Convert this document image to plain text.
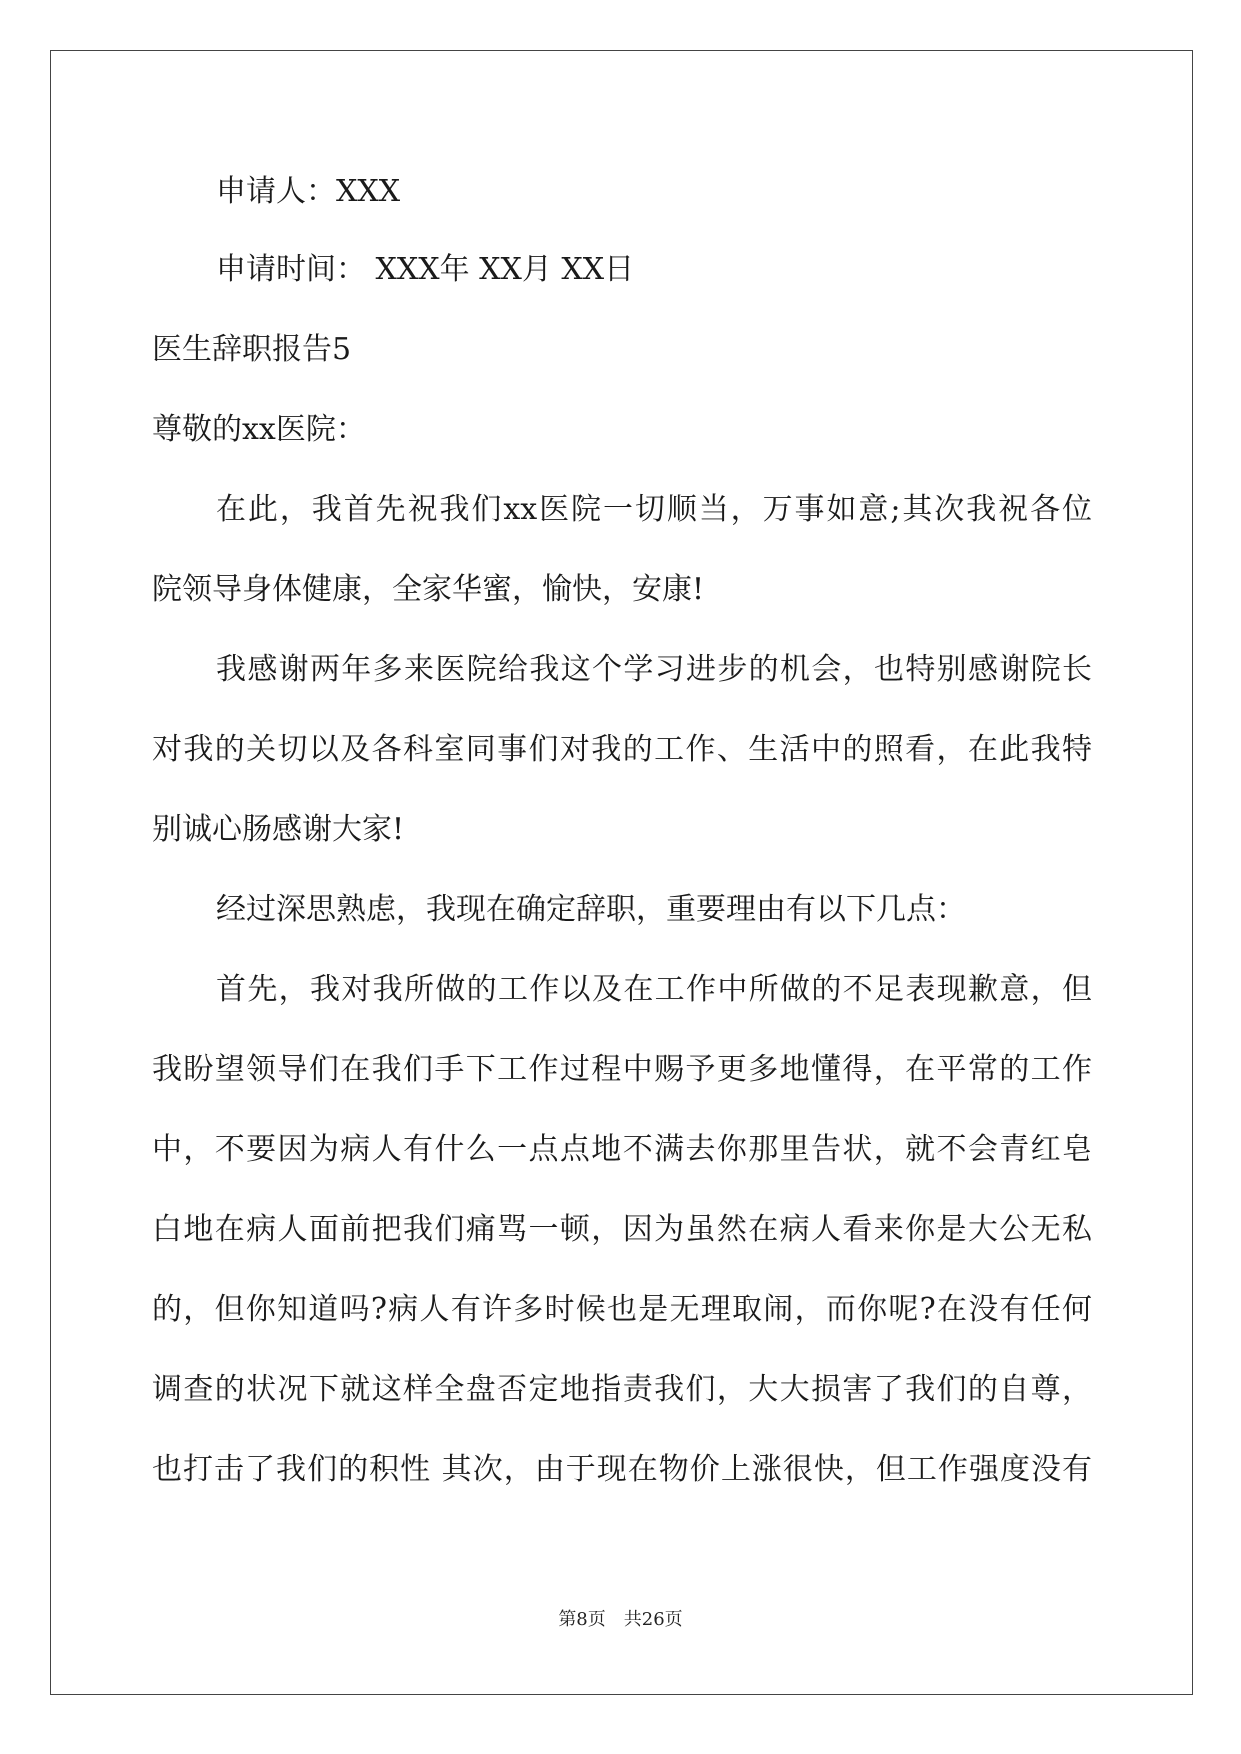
申请人：XXX
申请时间： XXX年 XX月 XX日
医生辞职报告5
尊敬的xx医院：
在此，我首先祝我们xx医院一切顺当，万事如意;其次我祝各位
院领导身体健康，全家华蜜，愉快，安康!
我感谢两年多来医院给我这个学习进步的机会，也特别感谢院长
对我的关切以及各科室同事们对我的工作、生活中的照看，在此我特
别诚心肠感谢大家!
经过深思熟虑，我现在确定辞职，重要理由有以下几点：
首先，我对我所做的工作以及在工作中所做的不足表现歉意，但
我盼望领导们在我们手下工作过程中赐予更多地懂得，在平常的工作
中，不要因为病人有什么一点点地不满去你那里告状，就不会青红皂
白地在病人面前把我们痛骂一顿，因为虽然在病人看来你是大公无私
的，但你知道吗?病人有许多时候也是无理取闹，而你呢?在没有任何
调查的状况下就这样全盘否定地指责我们，大大损害了我们的自尊，
也打击了我们的积性 其次，由于现在物价上涨很快，但工作强度没有
第8页　共26页
